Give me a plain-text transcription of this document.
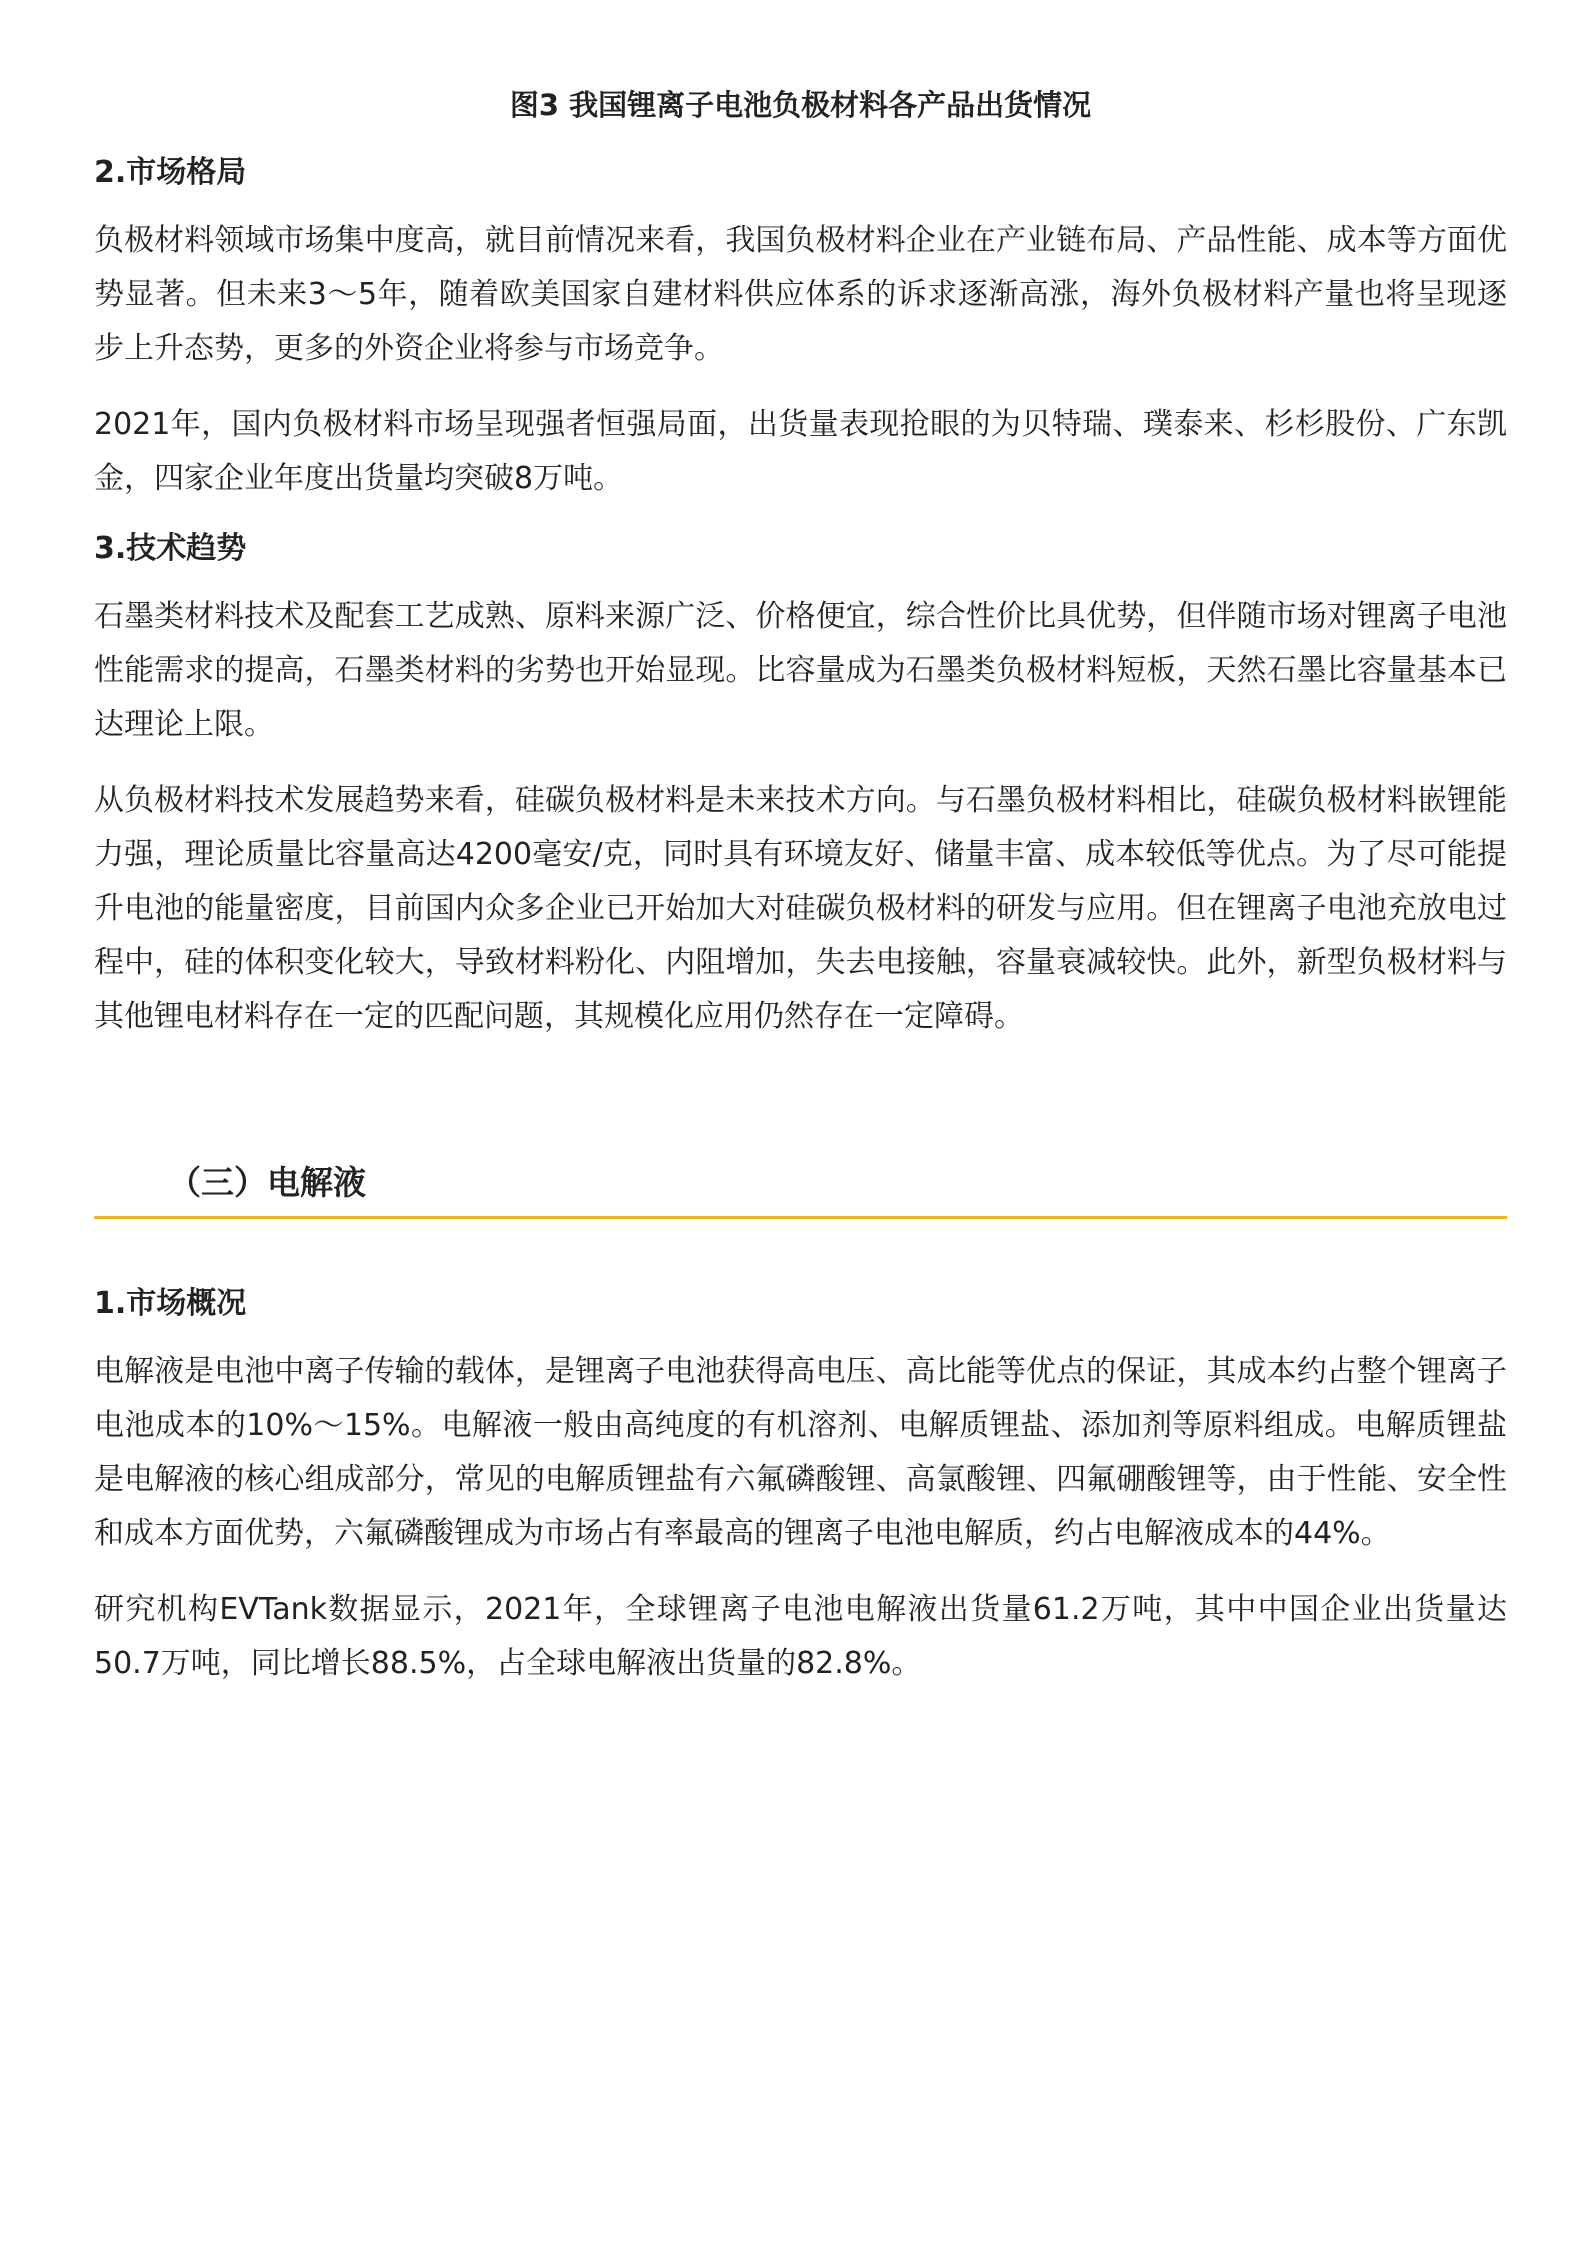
图3 我国锂离子电池负极材料各产品出货情况
2.市场格局

负极材料领域市场集中度高，就目前情况来看，我国负极材料企业在产业链布局、产品性能、成本等方面优势显著。但未来3～5年，随着欧美国家自建材料供应体系的诉求逐渐高涨，海外负极材料产量也将呈现逐步上升态势，更多的外资企业将参与市场竞争。

2021年，国内负极材料市场呈现强者恒强局面，出货量表现抢眼的为贝特瑞、璞泰来、杉杉股份、广东凯金，四家企业年度出货量均突破8万吨。

3.技术趋势

石墨类材料技术及配套工艺成熟、原料来源广泛、价格便宜，综合性价比具优势，但伴随市场对锂离子电池性能需求的提高，石墨类材料的劣势也开始显现。比容量成为石墨类负极材料短板，天然石墨比容量基本已达理论上限。

从负极材料技术发展趋势来看，硅碳负极材料是未来技术方向。与石墨负极材料相比，硅碳负极材料嵌锂能力强，理论质量比容量高达4200毫安/克，同时具有环境友好、储量丰富、成本较低等优点。为了尽可能提升电池的能量密度，目前国内众多企业已开始加大对硅碳负极材料的研发与应用。但在锂离子电池充放电过程中，硅的体积变化较大，导致材料粉化、内阻增加，失去电接触，容量衰减较快。此外，新型负极材料与其他锂电材料存在一定的匹配问题，其规模化应用仍然存在一定障碍。

（三）电解液
1.市场概况

电解液是电池中离子传输的载体，是锂离子电池获得高电压、高比能等优点的保证，其成本约占整个锂离子电池成本的10%～15%。电解液一般由高纯度的有机溶剂、电解质锂盐、添加剂等原料组成。电解质锂盐是电解液的核心组成部分，常见的电解质锂盐有六氟磷酸锂、高氯酸锂、四氟硼酸锂等，由于性能、安全性和成本方面优势，六氟磷酸锂成为市场占有率最高的锂离子电池电解质，约占电解液成本的44%。

研究机构EVTank数据显示，2021年，全球锂离子电池电解液出货量61.2万吨，其中中国企业出货量达50.7万吨，同比增长88.5%，占全球电解液出货量的82.8%。
